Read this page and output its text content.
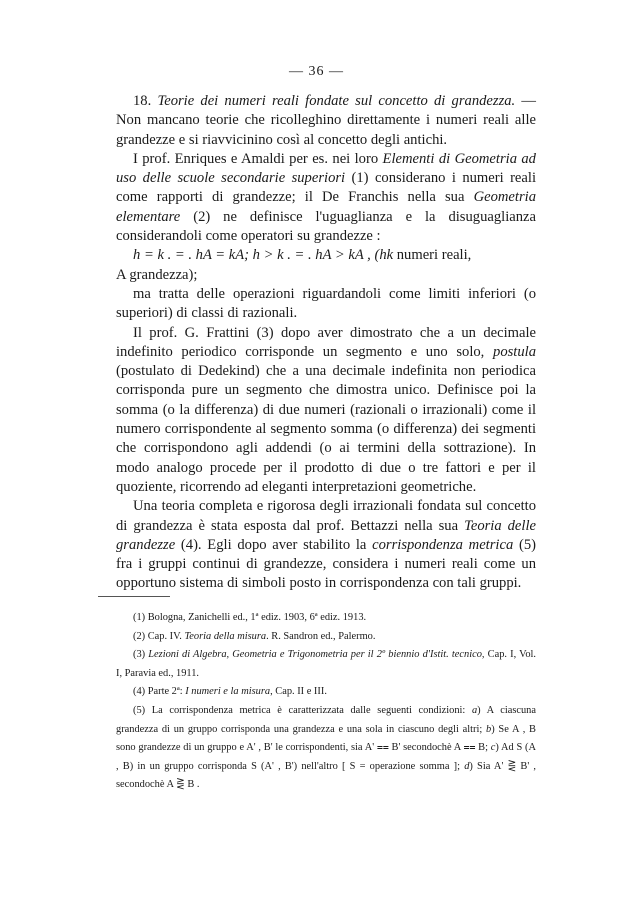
— 36 —

18. Teorie dei numeri reali fondate sul concetto di grandezza. — Non mancano teorie che ricolleghino direttamente i numeri reali alle grandezze e si riavvicinino così al concetto degli antichi.

I prof. Enriques e Amaldi per es. nei loro Elementi di Geometria ad uso delle scuole secondarie superiori (1) considerano i numeri reali come rapporti di grandezze; il De Franchis nella sua Geometria elementare (2) ne definisce l'uguaglianza e la disuguaglianza considerandoli come operatori su grandezze :

h = k . = . hA = kA; h > k . = . hA > kA , (hk numeri reali,

A grandezza);

ma tratta delle operazioni riguardandoli come limiti inferiori (o superiori) di classi di razionali.

Il prof. G. Frattini (3) dopo aver dimostrato che a un decimale indefinito periodico corrisponde un segmento e uno solo, postula (postulato di Dedekind) che a una decimale indefinita non periodica corrisponda pure un segmento che dimostra unico. Definisce poi la somma (o la differenza) di due numeri (razionali o irrazionali) come il numero corrispondente al segmento somma (o differenza) dei segmenti che corrispondono agli addendi (o ai termini della sottrazione). In modo analogo procede per il prodotto di due o tre fattori e per il quoziente, ricorrendo ad eleganti interpretazioni geometriche.

Una teoria completa e rigorosa degli irrazionali fondata sul concetto di grandezza è stata esposta dal prof. Bettazzi nella sua Teoria delle grandezze (4). Egli dopo aver stabilito la corrispondenza metrica (5) fra i gruppi continui di grandezze, considera i numeri reali come un opportuno sistema di simboli posto in corrispondenza con tali gruppi.

(1) Bologna, Zanichelli ed., 1ª ediz. 1903, 6ª ediz. 1913.

(2) Cap. IV. Teoria della misura. R. Sandron ed., Palermo.

(3) Lezioni di Algebra, Geometria e Trigonometria per il 2º biennio d'Istit. tecnico, Cap. I, Vol. I, Paravia ed., 1911.

(4) Parte 2ª: I numeri e la misura, Cap. II e III.

(5) La corrispondenza metrica è caratterizzata dalle seguenti condizioni: a) A ciascuna grandezza di un gruppo corrisponda una grandezza e una sola in ciascuno degli altri; b) Se A , B sono grandezze di un gruppo e A' , B' le corrispondenti, sia A' ⩵ B' secondochè A ⩵ B; c) Ad S (A , B) in un gruppo corrisponda S (A' , B') nell'altro [ S = operazione somma ]; d) Sia A' ⋛ B' , secondochè A ⋛ B .
